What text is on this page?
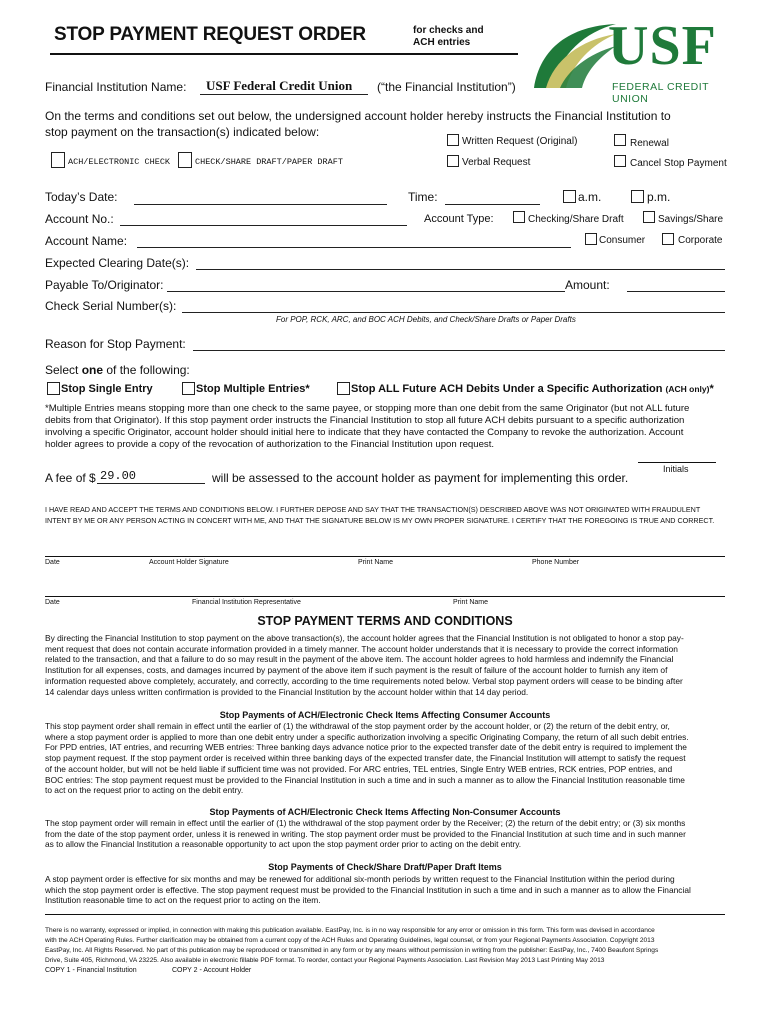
STOP PAYMENT REQUEST ORDER	for checks and
ACH entries USF
FEDERAL CREDIT UNION
Financial Institution Name: USF Federal Credit Union (“the Financial Institution”)
On the terms and conditions set out below, the undersigned account holder hereby instructs the Financial Institution to
stop payment on the transaction(s) indicated below:
Written Request (Original)	Renewal
Verbal Request	Cancel Stop Payment
ACH/ELECTRONIC CHECK	CHECK/SHARE DRAFT/PAPER DRAFT
Today’s Date:	Time:	a.m.	p.m.
Account No.:	Account Type:	Checking/Share Draft	Savings/Share
Account Name:	Consumer	Corporate
Expected Clearing Date(s):
Payable To/Originator:	Amount:
Check Serial Number(s):
For POP, RCK, ARC, and BOC ACH Debits, and Check/Share Drafts or Paper Drafts
Reason for Stop Payment:
Select one of the following:
Stop Single Entry	Stop Multiple Entries*	Stop ALL Future ACH Debits Under a Specific Authorization (ACH only)*
*Multiple Entries means stopping more than one check to the same payee, or stopping more than one debit from the same Originator (but not ALL future
debits from that Originator). If this stop payment order instructs the Financial Institution to stop all future ACH debits pursuant to a specific authorization
involving a specific Originator, account holder should initial here to indicate that they have contacted the Company to revoke the authorization. Account
holder agrees to provide a copy of the revocation of authorization to the Financial Institution upon request.
A fee of $ 29.00	will be assessed to the account holder as payment for implementing this order.
Initials
I HAVE READ AND ACCEPT THE TERMS AND CONDITIONS BELOW. I FURTHER DEPOSE AND SAY THAT THE TRANSACTION(S) DESCRIBED ABOVE WAS NOT ORIGINATED WITH FRAUDULENT
INTENT BY ME OR ANY PERSON ACTING IN CONCERT WITH ME, AND THAT THE SIGNATURE BELOW IS MY OWN PROPER SIGNATURE. I CERTIFY THAT THE FOREGOING IS TRUE AND CORRECT.
Date	Account Holder Signature	Print Name	Phone Number
Date	Financial Institution Representative	Print Name
STOP PAYMENT TERMS AND CONDITIONS
By directing the Financial Institution to stop payment on the above transaction(s), the account holder agrees that the Financial Institution is not obligated to honor a stop pay-
ment request that does not contain accurate information provided in a timely manner. The account holder understands that it is necessary to provide the correct information
related to the transaction, and that a failure to do so may result in the payment of the above item. The account holder agrees to hold harmless and indemnify the Financial
Institution for all expenses, costs, and damages incurred by payment of the above item if such payment is the result of failure of the account holder to furnish any item of
information requested above completely, accurately, and correctly, according to the time requirements noted below. Verbal stop payment orders will cease to be binding after
14 calendar days unless written confirmation is provided to the Financial Institution by the account holder within that 14 day period.
Stop Payments of ACH/Electronic Check Items Affecting Consumer Accounts
This stop payment order shall remain in effect until the earlier of (1) the withdrawal of the stop payment order by the account holder, or (2) the return of the debit entry, or,
where a stop payment order is applied to more than one debit entry under a specific authorization involving a specific Originating Company, the return of all such debit entries.
For PPD entries, IAT entries, and recurring WEB entries: Three banking days advance notice prior to the expected transfer date of the debit entry is required to implement the
stop payment request. If the stop payment order is received within three banking days of the expected transfer date, the Financial Institution will attempt to satisfy the request
of the account holder, but will not be held liable if sufficient time was not provided. For ARC entries, TEL entries, Single Entry WEB entries, RCK entries, POP entries, and
BOC entries: The stop payment request must be provided to the Financial Institution in such a time and in such a manner as to allow the Financial Institution reasonable time
to act on the request prior to acting on the debit entry.
Stop Payments of ACH/Electronic Check Items Affecting Non-Consumer Accounts
The stop payment order will remain in effect until the earlier of (1) the withdrawal of the stop payment order by the Receiver; (2) the return of the debit entry; or (3) six months
from the date of the stop payment order, unless it is renewed in writing. The stop payment order must be provided to the Financial Institution at such time and in such manner
as to allow the Financial Institution a reasonable opportunity to act upon the stop payment order prior to acting on the debit entry.
Stop Payments of Check/Share Draft/Paper Draft Items
A stop payment order is effective for six months and may be renewed for additional six-month periods by written request to the Financial Institution within the period during
which the stop payment order is effective. The stop payment request must be provided to the Financial Institution in such a time and in such a manner as to allow the Financial
Institution reasonable time to act on the request prior to acting on the item.
There is no warranty, expressed or implied, in connection with making this publication available. EastPay, Inc. is in no way responsible for any error or omission in this form. This form was devised in accordance
with the ACH Operating Rules. Further clarification may be obtained from a current copy of the ACH Rules and Operating Guidelines, legal counsel, or from your Regional Payments Association. Copyright 2013
EastPay, Inc. All Rights Reserved. No part of this publication may be reproduced or transmitted in any form or by any means without permission in writing from the publisher: EastPay, Inc., 7400 Beaufont Springs
Drive, Suite 405, Richmond, VA 23225. Also available in electronic fillable PDF format. To reorder, contact your Regional Payments Association. Last Revision May 2013 Last Printing May 2013
COPY 1 - Financial Institution	COPY 2 - Account Holder
